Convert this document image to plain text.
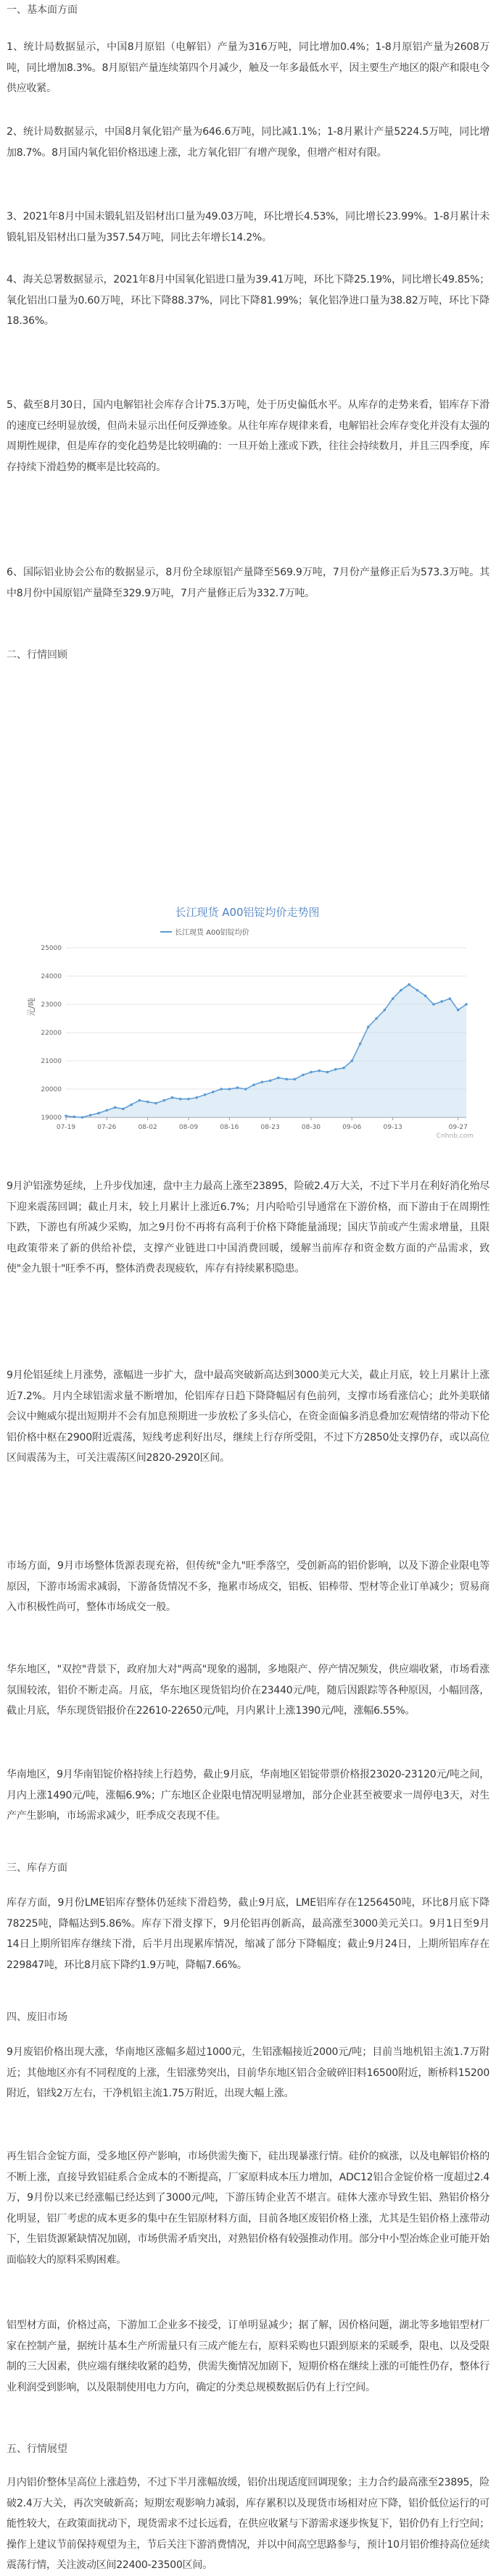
一、基本面方面
1、统计局数据显示，中国8月原铝（电解铝）产量为316万吨，同比增加0.4%；1-8月原铝产量为2608万吨，同比增加8.3%。8月原铝产量连续第四个月减少，触及一年多最低水平，因主要生产地区的限产和限电令供应收紧。
2、统计局数据显示，中国8月氧化铝产量为646.6万吨，同比减1.1%；1-8月累计产量5224.5万吨，同比增加8.7%。8月国内氧化铝价格迅速上涨，北方氧化铝厂有增产现象，但增产相对有限。
3、2021年8月中国未锻轧铝及铝材出口量为49.03万吨，环比增长4.53%，同比增长23.99%。1-8月累计未锻轧铝及铝材出口量为357.54万吨，同比去年增长14.2%。
4、海关总署数据显示，2021年8月中国氧化铝进口量为39.41万吨，环比下降25.19%，同比增长49.85%；氧化铝出口量为0.60万吨，环比下降88.37%，同比下降81.99%；氧化铝净进口量为38.82万吨，环比下降18.36%。
5、截至8月30日，国内电解铝社会库存合计75.3万吨，处于历史偏低水平。从库存的走势来看，铝库存下滑的速度已经明显放缓，但尚未显示出任何反弹迹象。从往年库存规律来看，电解铝社会库存变化并没有太强的周期性规律，但是库存的变化趋势是比较明确的：一旦开始上涨或下跌，往往会持续数月，并且三四季度，库存持续下滑趋势的概率是比较高的。
6、国际铝业协会公布的数据显示，8月份全球原铝产量降至569.9万吨，7月份产量修正后为573.3万吨。其中8月份中国原铝产量降至329.9万吨，7月产量修正后为332.7万吨。
二、行情回顾
长江现货 A00铝锭均价走势图
长江现货 A00铝锭均价
元/吨
Cnhnb.com
19000
20000
21000
22000
23000
24000
25000
07-19	07-26	08-02	08-09	08-16	08-23	08-30	09-06	09-13	09-27
9月沪铝涨势延续，上升步伐加速，盘中主力最高上涨至23895，险破2.4万大关，不过下半月在利好消化殆尽下迎来震荡回调；截止月末，较上月累计上涨近6.7%；月内哈哈引导通常在下游价格，而下游由于在周期性下跌，下游也有所减少采购，加之9月份不再将有高利于价格下降能量涌现；国庆节前或产生需求增量，且限电政策带来了新的供给补偿，支撑产业链进口中国消费回暖，缓解当前库存和资金数方面的产品需求，致使"金九银十"旺季不再，整体消费表现疲软，库存有持续累积隐患。
9月伦铝延续上月涨势，涨幅进一步扩大，盘中最高突破新高达到3000美元大关，截止月底，较上月累计上涨近7.2%。月内全球铝需求量不断增加，伦铝库存日趋下降降幅居有色前列，支撑市场看涨信心；此外美联储会议中鲍威尔提出短期并不会有加息预期进一步放松了多头信心，在资金面偏多消息叠加宏观情绪的带动下伦铝价格中枢在2900附近震荡，短线考虑利好出尽，继续上行存所受阻，不过下方2850处支撑仍存，或以高位区间震荡为主，可关注震荡区间2820-2920区间。
市场方面，9月市场整体货源表现充裕，但传统"金九"旺季落空，受创新高的铝价影响，以及下游企业限电等原因，下游市场需求减弱，下游备货情况不多，拖累市场成交，铝板、铝棒带、型材等企业订单减少；贸易商入市积极性尚可，整体市场成交一般。
华东地区，"双控"背景下，政府加大对"两高"现象的遏制，多地限产、停产情况频发，供应端收紧，市场看涨氛围较浓，铝价不断走高。月底，华东地区现货铝均价在23440元/吨，随后因跟踪等各种原因，小幅回落，截止月底，华东现货铝报价在22610-22650元/吨，月内累计上涨1390元/吨，涨幅6.55%。
华南地区，9月华南铝锭价格持续上行趋势，截止9月底，华南地区铝锭带票价格报23020-23120元/吨之间，月内上涨1490元/吨，涨幅6.9%；广东地区企业限电情况明显增加，部分企业甚至被要求一周停电3天，对生产产生影响，市场需求减少，旺季成交表现不佳。
三、库存方面
库存方面，9月份LME铝库存整体仍延续下滑趋势，截止9月底，LME铝库存在1256450吨，环比8月底下降78225吨，降幅达到5.86%。库存下滑支撑下，9月伦铝再创新高，最高涨至3000美元关口。9月1日至9月14日上期所铝库存继续下滑，后半月出现累库情况，缩减了部分下降幅度；截止9月24日，上期所铝库存在229847吨，环比8月底下降约1.9万吨，降幅7.66%。
四、废旧市场
9月废铝价格出现大涨，华南地区涨幅多超过1000元，生铝涨幅接近2000元/吨；目前当地机铝主流1.7万附近；其他地区亦有不同程度的上涨，生铝涨势突出，目前华东地区铝合金破碎旧料16500附近，断桥料15200附近，铝线2万左右，干净机铝主流1.75万附近，出现大幅上涨。
再生铝合金锭方面，受多地区停产影响，市场供需失衡下，硅出现暴涨行情。硅价的疯涨，以及电解铝价格的不断上涨，直接导致铝硅系合金成本的不断提高，厂家原料成本压力增加，ADC12铝合金锭价格一度超过2.4万，9月份以来已经涨幅已经达到了3000元/吨，下游压铸企业苦不堪言。硅体大涨亦导致生铝、熟铝价格分化明显，铝厂考虑的成本更多的集中在生铝原材料方面，目前各地区废铝价格上涨，尤其是生铝价格上涨带动下，生铝货源紧缺情况加剧，市场供需矛盾突出，对熟铝价格有较强推动作用。部分中小型冶炼企业可能开始面临较大的原料采购困难。
铝型材方面，价格过高，下游加工企业多不接受，订单明显减少；据了解，因价格问题，湖北等多地铝型材厂家在控制产量，据统计基本生产所需量只有三成产能左右，原料采购也只跟到原来的采暖季，限电、以及受限制的三大因素，供应端有继续收紧的趋势，供需失衡情况加剧下，短期价格在继续上涨的可能性仍存，整体行业利润受到影响，以及限制使用电力方向，确定的分类总规模数据后仍有上行空间。
五、行情展望
月内铝价整体呈高位上涨趋势，不过下半月涨幅放缓，铝价出现适度回调现象；主力合约最高涨至23895，险破2.4万大关，再次突破新高；短期宏观影响力减弱，库存累积以及现货市场相对应下降，铝价低位运行的可能性较大，在政策面扰动下，现货需求不过长远看，在供应收紧与下游需求逐步恢复下，铝价仍有上行空间；操作上建议节前保持观望为主，节后关注下游消费情况，并以中间高空思路参与，预计10月铝价维持高位延续震荡行情，关注波动区间22400-23500区间。
